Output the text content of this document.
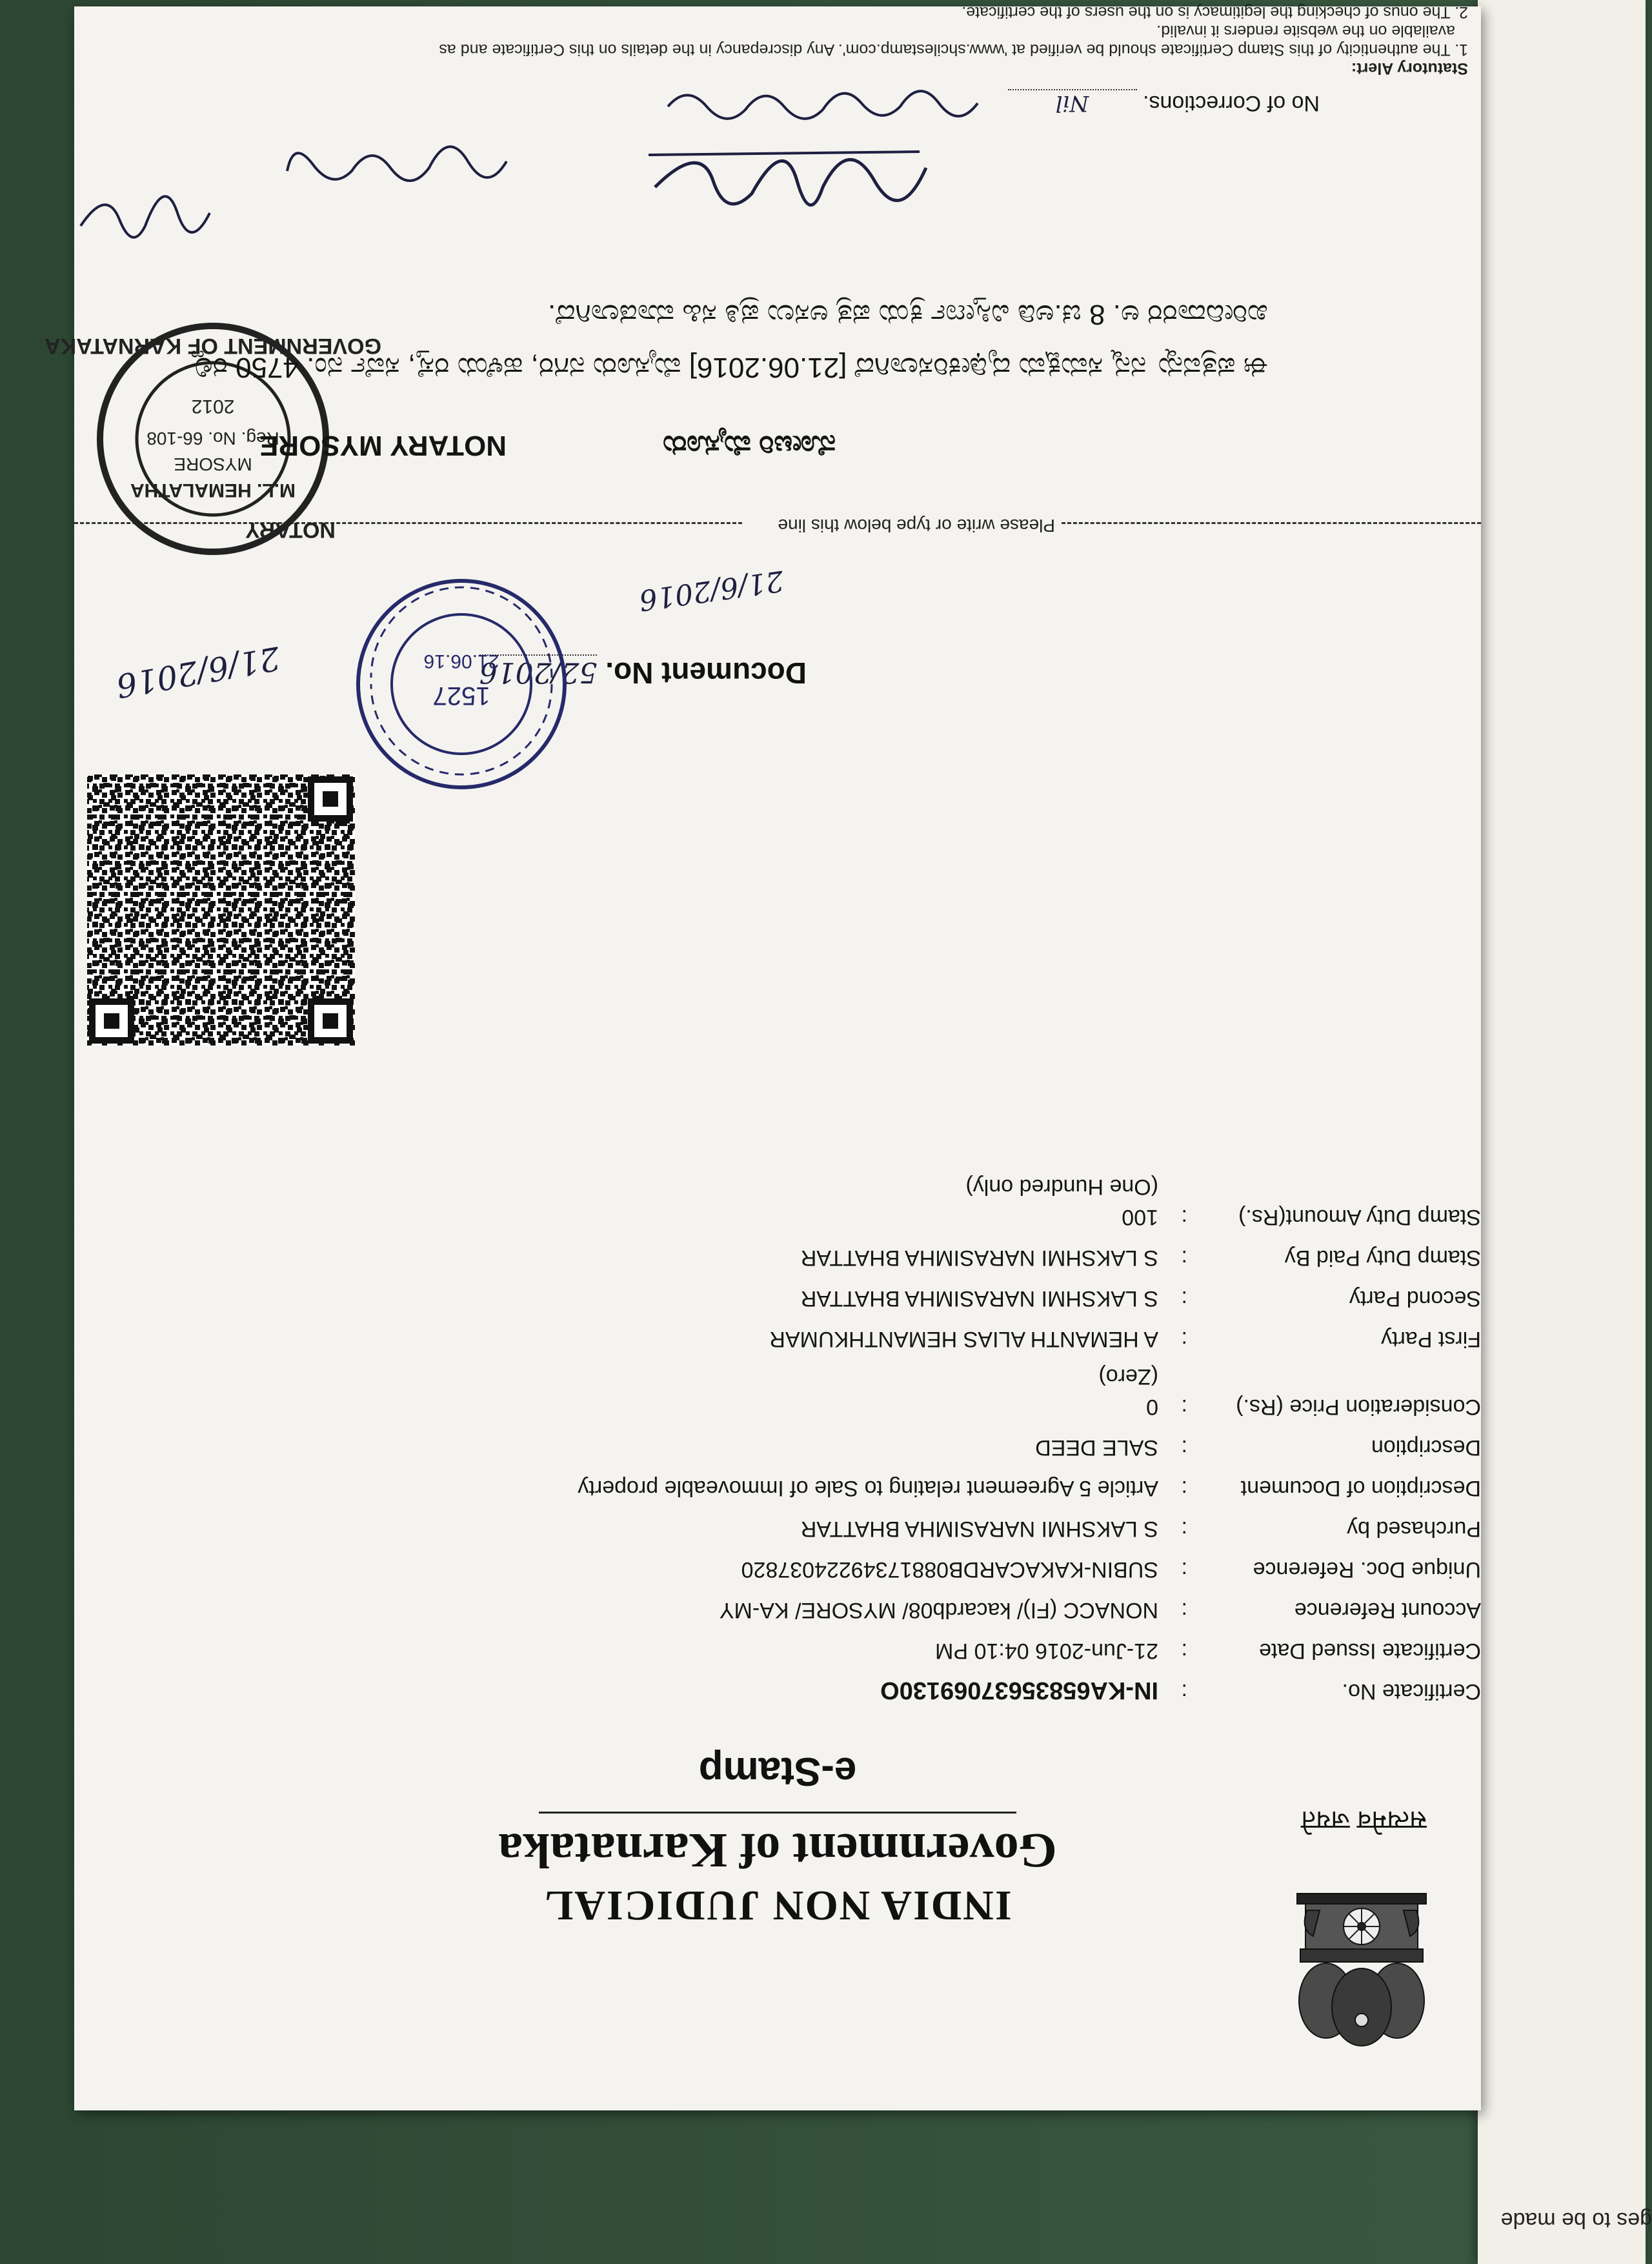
ges to be made
सत्यमेव जयते
INDIA NON JUDICIAL
Government of Karnataka
e-Stamp
Certificate No.
:
IN-KA65835637069130O
Certificate Issued Date
:
21-Jun-2016 04:10 PM
Account Reference
:
NONACC (FI)/ kacardb08/ MYSORE/ KA-MY
Unique Doc. Reference
:
SUBIN-KAKACARDB08817349224037820
Purchased by
:
S LAKSHMI NARASIMHA BHATTAR
Description of Document
:
Article 5 Agreement relating to Sale of Immoveable property
Description
:
SALE DEED
Consideration Price (Rs.)
:
0
(Zero)
First Party
:
A HEMANTH ALIAS HEMANTHKUMAR
Second Party
:
S LAKSHMI NARASIMHA BHATTAR
Stamp Duty Paid By
:
S LAKSHMI NARASIMHA BHATTAR
Stamp Duty Amount(Rs.)
:
100
(One Hundred only)
Document No. 52/2016
1527
21.06.16
21/6/2016
21/6/2016
Please write or type below this line
M.L. HEMALATHA
MYSORE
Reg. No. 66-108
2012
GOVERNMENT OF KARNATAKA
NOTARY
ನೋಟರಿ ಮೈಸೂರು
NOTARY MYSORE
ಈ ಪತ್ರವನ್ನು ನನ್ನ ಸಮಕ್ಷಮ ದೃಢೀಕರಿಸಲಾಗಿದೆ [21.06.2016] ಮೈಸೂರು ನಗರ, ಹಳೆಯ ರಸ್ತೆ, ಸರ್ವೆ ನಂ. 4750 ರಲ್ಲಿ ಖರೀದಿದಾರರ ಅ. 8 ಚ.ಅಡಿ ವಿಸ್ತೀರ್ಣ ಕ್ರಯ ಪತ್ರ ಅಸಲು ಪ್ರತಿ ಸಹಿ ಮಾಡಲಾಗಿದೆ.
No of Corrections. Nil
Statutory Alert:
1. The authenticity of this Stamp Certificate should be verified at 'www.shcilestamp.com'. Any discrepancy in the details on this Certificate and as
available on the website renders it invalid.
2. The onus of checking the legitimacy is on the users of the certificate.
